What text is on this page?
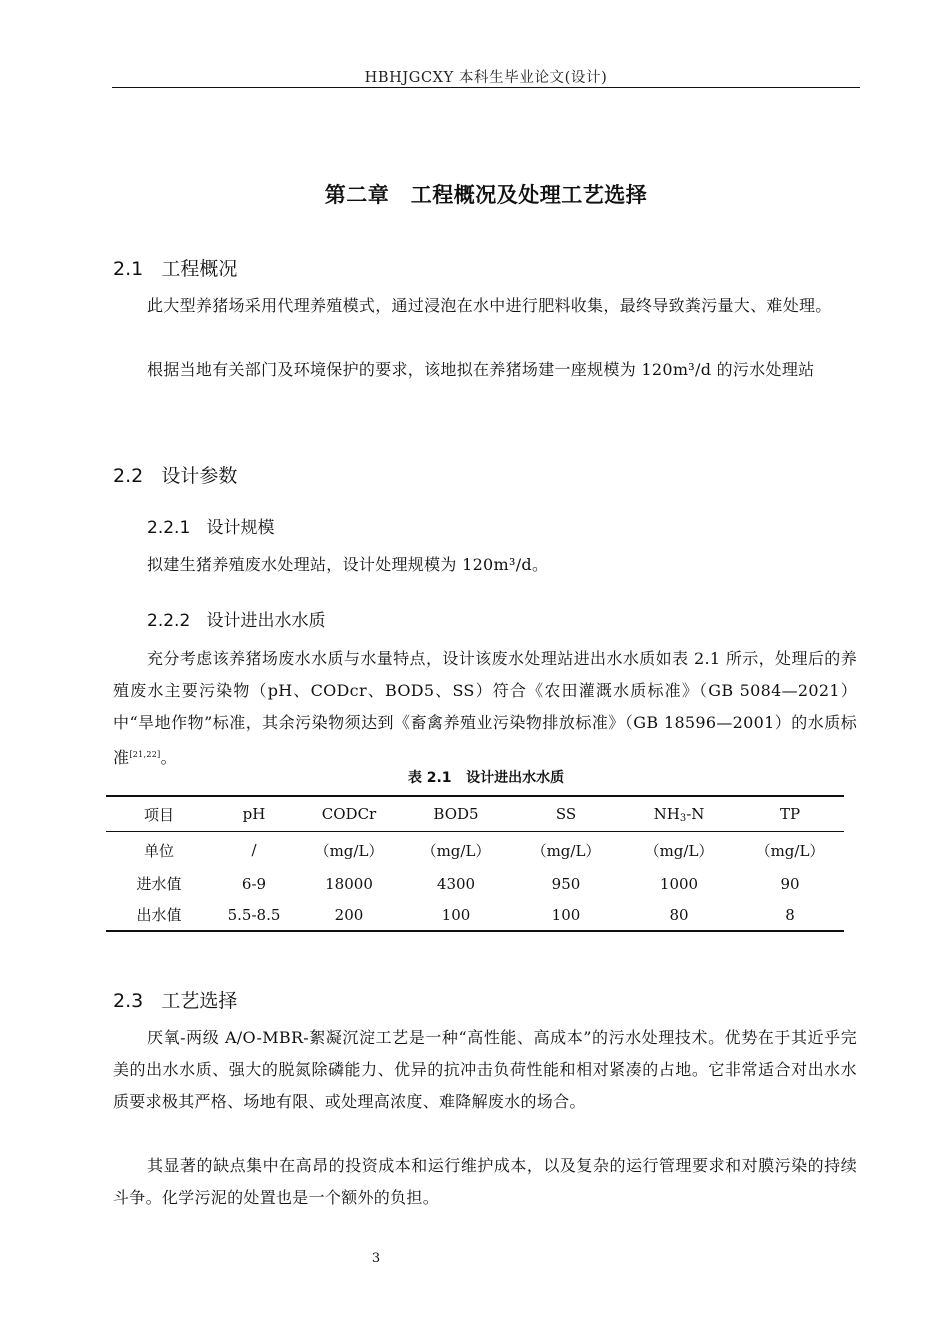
HBHJGCXY 本科生毕业论文(设计)
第二章　工程概况及处理工艺选择
2.1   工程概况
此大型养猪场采用代理养殖模式，通过浸泡在水中进行肥料收集，最终导致粪污量大、难处理。
根据当地有关部门及环境保护的要求，该地拟在养猪场建一座规模为 120m³/d 的污水处理站
2.2   设计参数
2.2.1   设计规模
拟建生猪养殖废水处理站，设计处理规模为 120m³/d。
2.2.2   设计进出水水质
充分考虑该养猪场废水水质与水量特点，设计该废水处理站进出水水质如表 2.1 所示，处理后的养殖废水主要污染物（pH、CODcr、BOD5、SS）符合《农田灌溉水质标准》（GB 5084—2021）中“旱地作物”标准，其余污染物须达到《畜禽养殖业污染物排放标准》（GB 18596—2001）的水质标准[21,22]。
表 2.1   设计进出水水质
项目	pH	CODCr	BOD5	SS	$NH_3-N$	TP
单位	/	（mg/L）	（mg/L）	（mg/L）	（mg/L）	（mg/L）
进水值	6-9	18000	4300	950	1000	90
出水值	5.5-8.5	200	100	100	80	8
2.3   工艺选择
厌氧-两级 A/O-MBR-絮凝沉淀工艺是一种“高性能、高成本”的污水处理技术。优势在于其近乎完美的出水水质、强大的脱氮除磷能力、优异的抗冲击负荷性能和相对紧凑的占地。它非常适合对出水水质要求极其严格、场地有限、或处理高浓度、难降解废水的场合。
其显著的缺点集中在高昂的投资成本和运行维护成本，以及复杂的运行管理要求和对膜污染的持续斗争。化学污泥的处置也是一个额外的负担。
3
